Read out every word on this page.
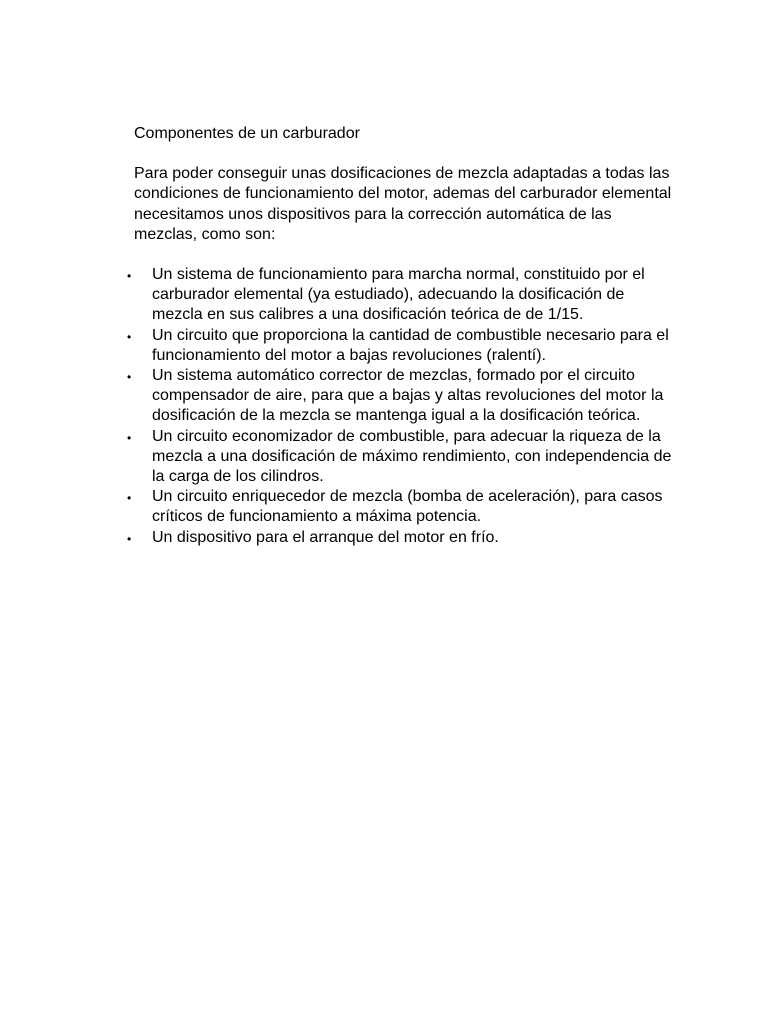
Componentes de un carburador

Para poder conseguir unas dosificaciones de mezcla adaptadas a todas las condiciones de funcionamiento del motor, ademas del carburador elemental necesitamos unos dispositivos para la corrección automática de las mezclas, como son:

• Un sistema de funcionamiento para marcha normal, constituido por el carburador elemental (ya estudiado), adecuando la dosificación de mezcla en sus calibres a una dosificación teórica de de 1/15.
• Un circuito que proporciona la cantidad de combustible necesario para el funcionamiento del motor a bajas revoluciones (ralentí).
• Un sistema automático corrector de mezclas, formado por el circuito compensador de aire, para que a bajas y altas revoluciones del motor la dosificación de la mezcla se mantenga igual a la dosificación teórica.
• Un circuito economizador de combustible, para adecuar la riqueza de la mezcla a una dosificación de máximo rendimiento, con independencia de la carga de los cilindros.
• Un circuito enriquecedor de mezcla (bomba de aceleración), para casos críticos de funcionamiento a máxima potencia.
• Un dispositivo para el arranque del motor en frío.
